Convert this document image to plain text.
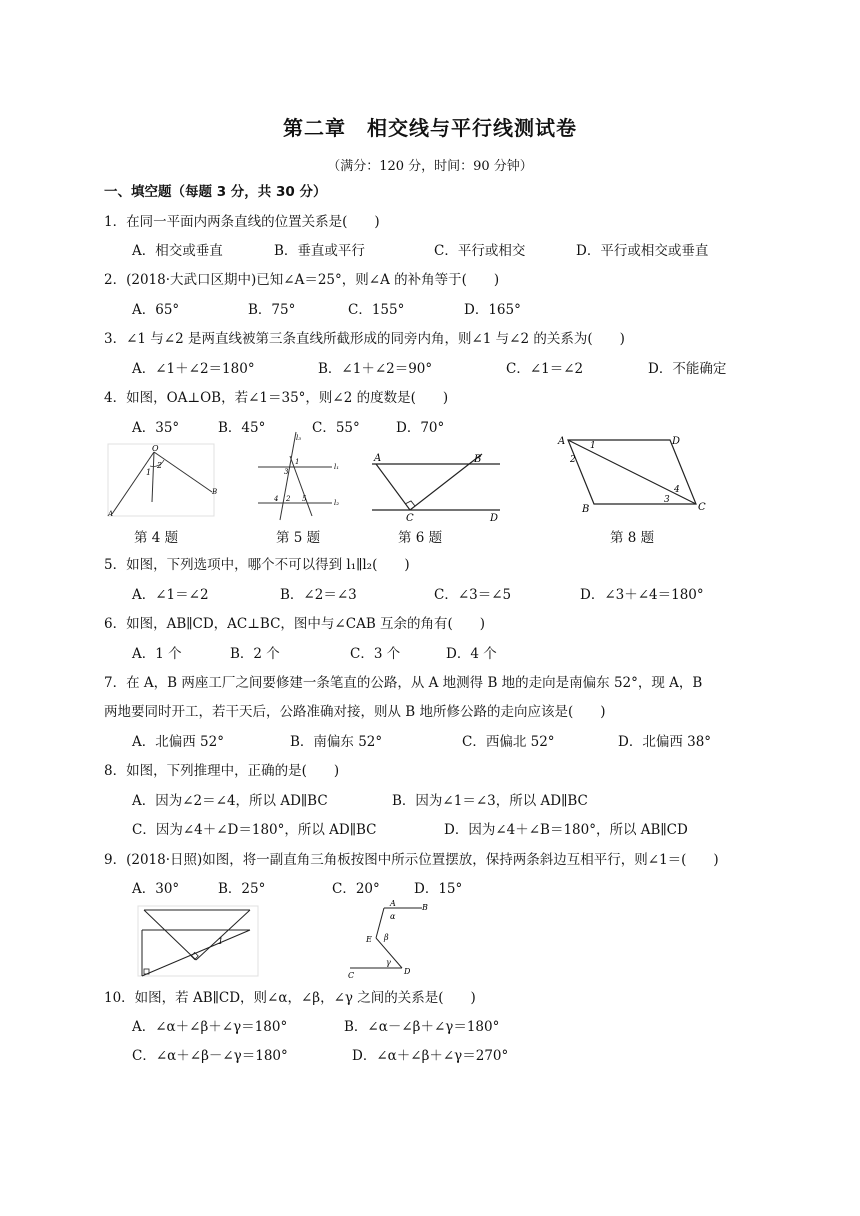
第二章　相交线与平行线测试卷
（满分：120 分，时间：90 分钟）
一、填空题（每题 3 分，共 30 分）
1．在同一平面内两条直线的位置关系是(　　)
A．相交或垂直	B．垂直或平行	C．平行或相交	D．平行或相交或垂直
2．(2018·大武口区期中)已知∠A＝25°，则∠A 的补角等于(　　)
A．65°	B．75°	C．155°	D．165°
3．∠1 与∠2 是两直线被第三条直线所截形成的同旁内角，则∠1 与∠2 的关系为(　　)
A．∠1＋∠2＝180°	B．∠1＋∠2＝90°	C．∠1＝∠2	D．不能确定
4．如图，OA⊥OB，若∠1＝35°，则∠2 的度数是(　　)
A．35°	B．45°	C．55°	D．70°
O
2
1
A
B
第 4 题
l₃
l₁
l₂
1
2
3
4	5
第 5 题
A	B
C	D
第 6 题
A	D
B	C
1
2
3
4
第 8 题
5．如图，下列选项中，哪个不可以得到 l₁∥l₂(　　)
A．∠1＝∠2	B．∠2＝∠3	C．∠3＝∠5	D．∠3＋∠4＝180°
6．如图，AB∥CD，AC⊥BC，图中与∠CAB 互余的角有(　　)
A．1 个	B．2 个	C．3 个	D．4 个
7．在 A，B 两座工厂之间要修建一条笔直的公路，从 A 地测得 B 地的走向是南偏东 52°，现 A，B
两地要同时开工，若干天后，公路准确对接，则从 B 地所修公路的走向应该是(　　)
A．北偏西 52°	B．南偏东 52°	C．西偏北 52°	D．北偏西 38°
8．如图，下列推理中，正确的是(　　)
A．因为∠2＝∠4，所以 AD∥BC	B．因为∠1＝∠3，所以 AD∥BC
C．因为∠4＋∠D＝180°，所以 AD∥BC	D．因为∠4＋∠B＝180°，所以 AB∥CD
9．(2018·日照)如图，将一副直角三角板按图中所示位置摆放，保持两条斜边互相平行，则∠1＝(　　)
A．30°	B．25°	C．20°	D．15°
1
A	B
E
C	D
α
β
γ
10．如图，若 AB∥CD，则∠α，∠β，∠γ 之间的关系是(　　)
A．∠α＋∠β＋∠γ＝180°	B．∠α－∠β＋∠γ＝180°
C．∠α＋∠β－∠γ＝180°	D．∠α＋∠β＋∠γ＝270°
